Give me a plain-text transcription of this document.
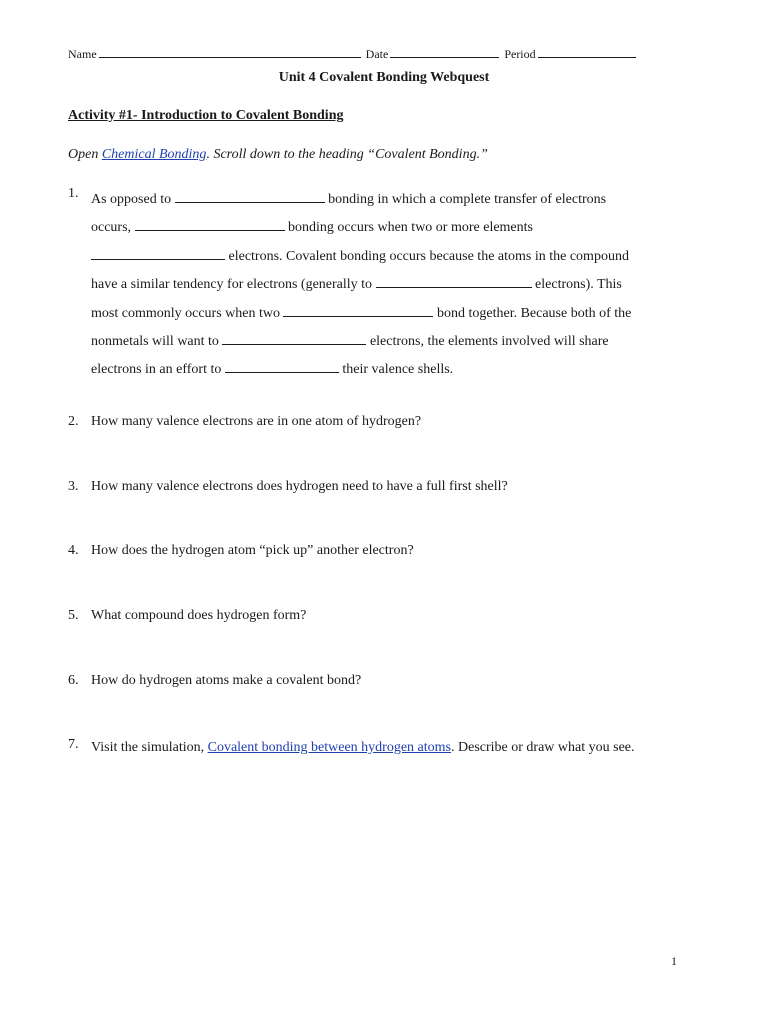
Name	Date	Period
Unit 4 Covalent Bonding Webquest
Activity #1- Introduction to Covalent Bonding
Open Chemical Bonding. Scroll down to the heading “Covalent Bonding.”
1. As opposed to	bonding in which a complete transfer of electrons
occurs,	bonding occurs when two or more elements
electrons. Covalent bonding occurs because the atoms in the compound
have a similar tendency for electrons (generally to	electrons). This
most commonly occurs when two	bond together. Because both of the
nonmetals will want to	electrons, the elements involved will share
electrons in an effort to	their valence shells.
2. How many valence electrons are in one atom of hydrogen?
3. How many valence electrons does hydrogen need to have a full first shell?
4. How does the hydrogen atom “pick up” another electron?
5. What compound does hydrogen form?
6. How do hydrogen atoms make a covalent bond?
7. Visit the simulation, Covalent bonding between hydrogen atoms. Describe or draw what you see.
1
